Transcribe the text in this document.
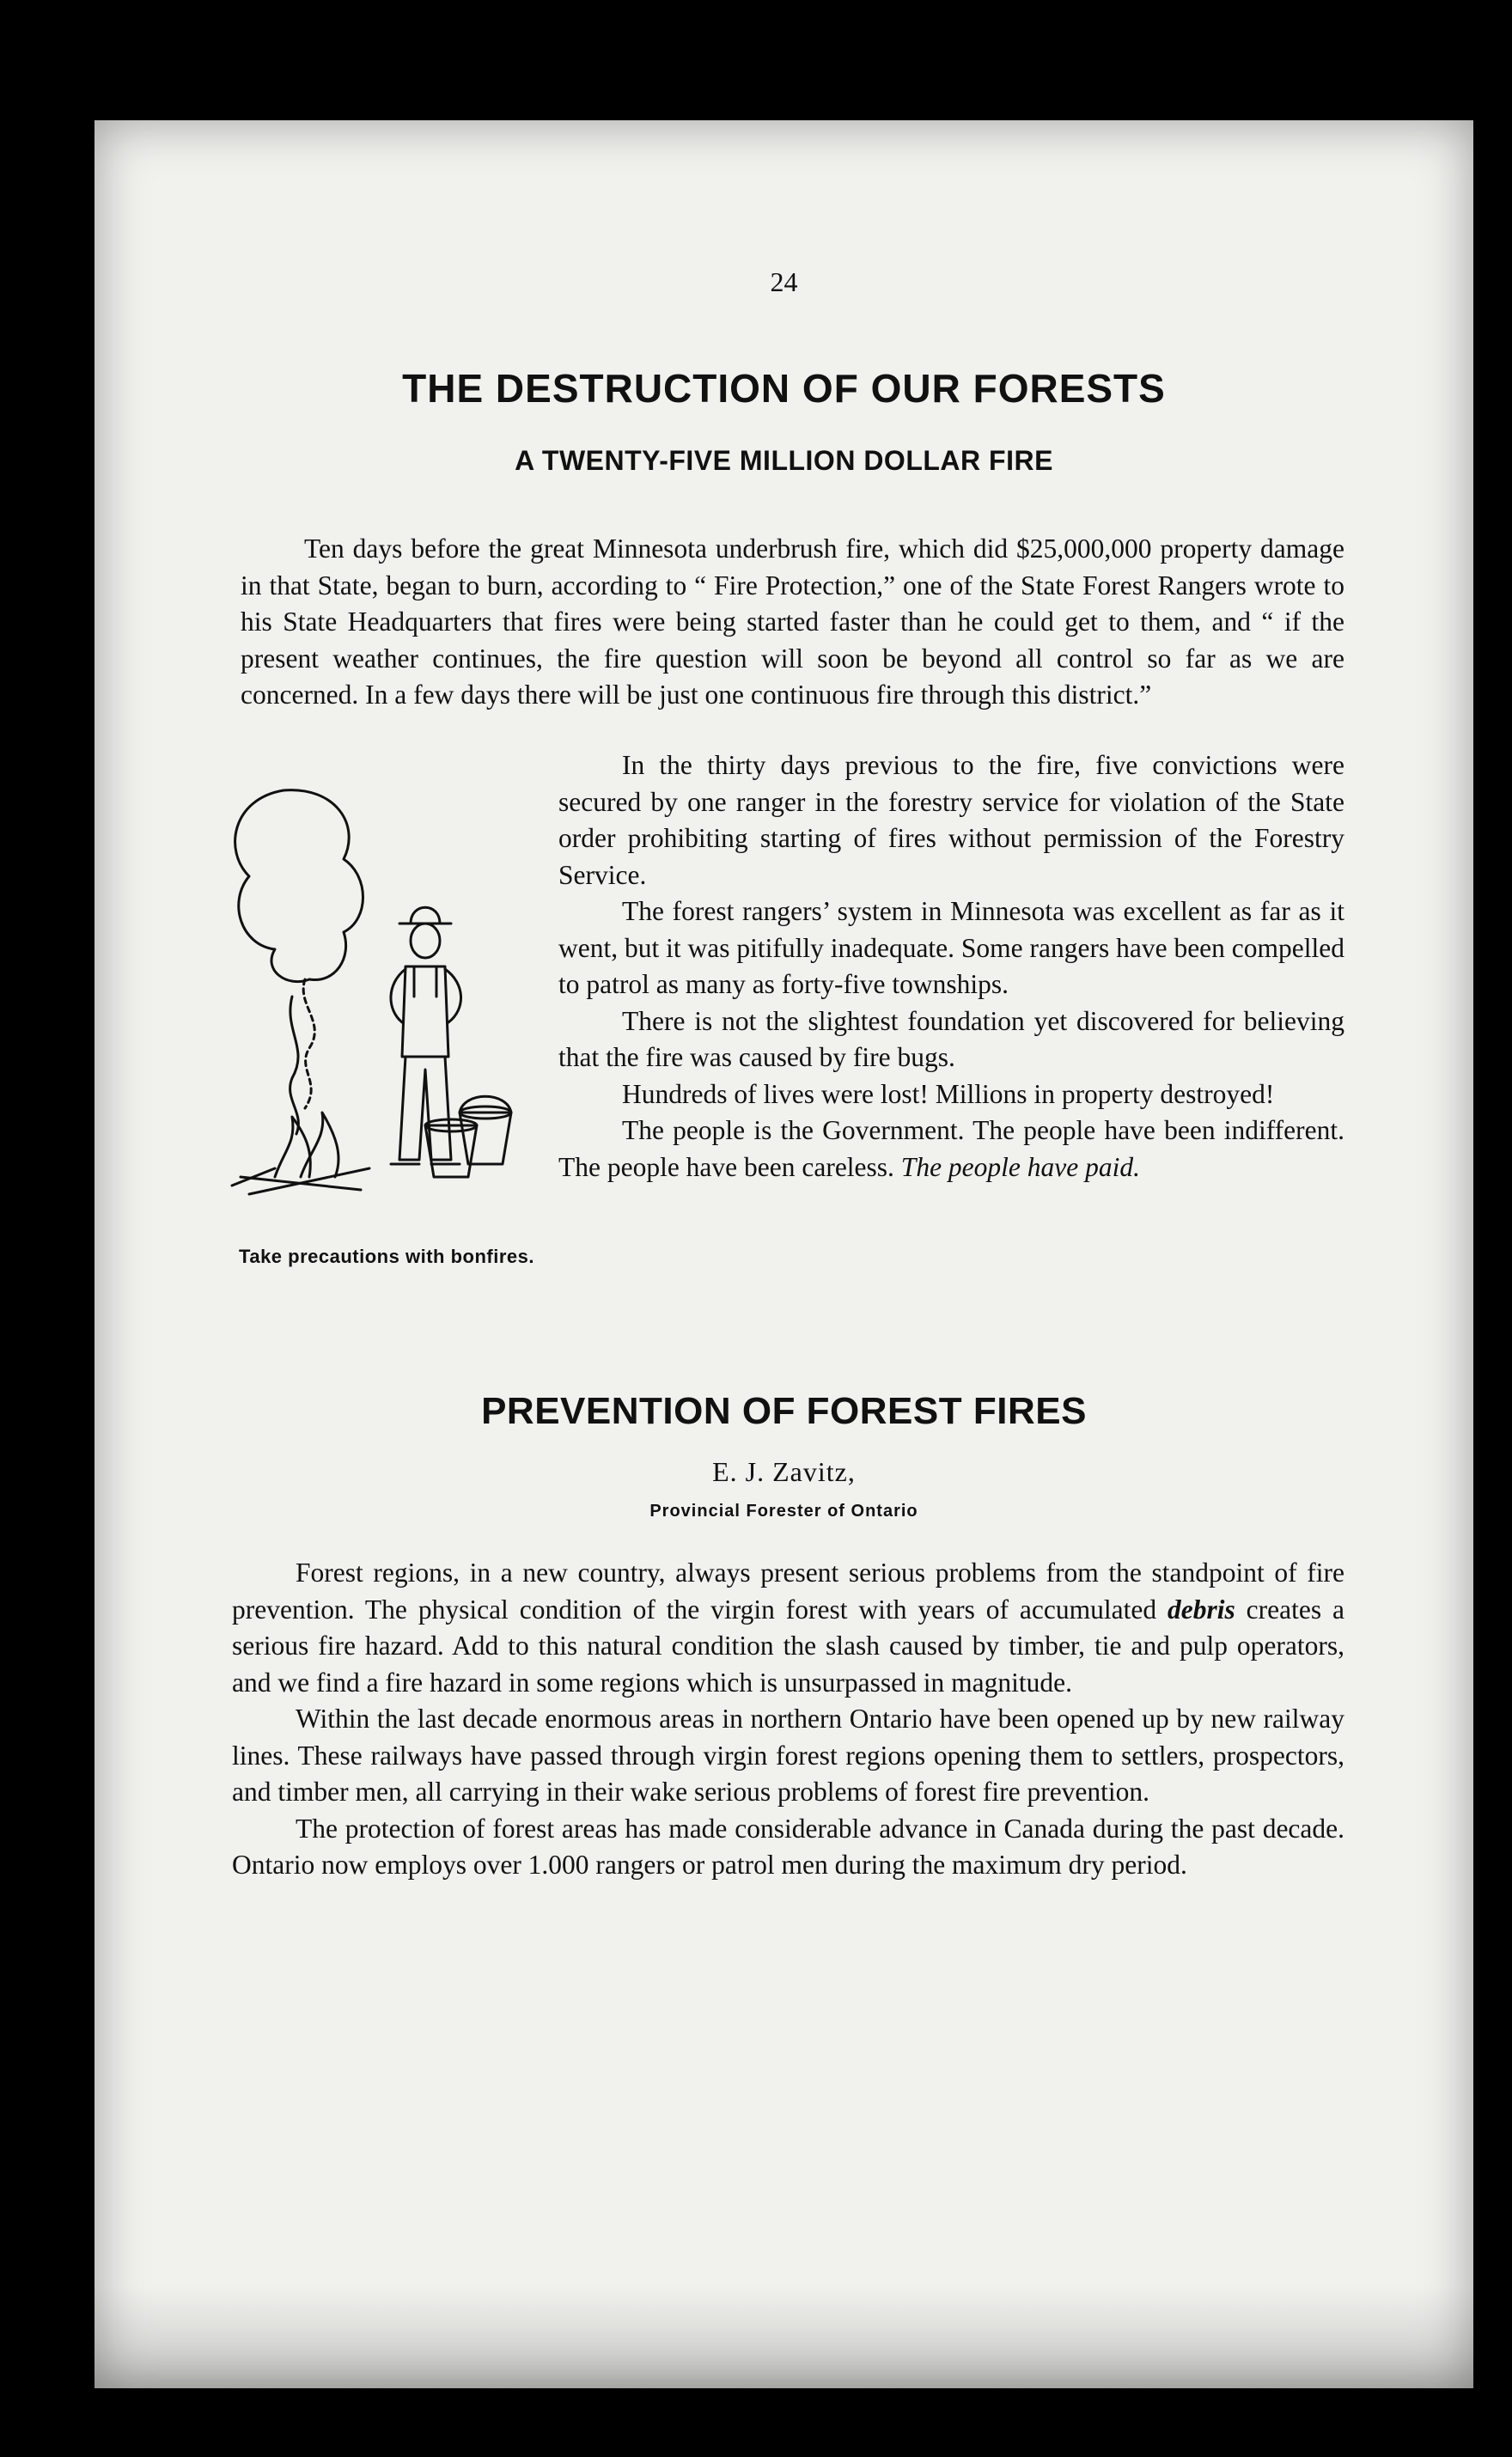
24
THE DESTRUCTION OF OUR FORESTS
A TWENTY-FIVE MILLION DOLLAR FIRE

Ten days before the great Minnesota underbrush fire, which did $25,000,000 property damage in that State, began to burn, according to “ Fire Protection,” one of the State Forest Rangers wrote to his State Headquarters that fires were being started faster than he could get to them, and “ if the present weather continues, the fire question will soon be beyond all control so far as we are concerned. In a few days there will be just one continuous fire through this district.”

Take precautions with bonfires.

In the thirty days previous to the fire, five convictions were secured by one ranger in the forestry service for violation of the State order prohibiting starting of fires without permission of the Forestry Service.

The forest rangers’ system in Minnesota was excellent as far as it went, but it was pitifully inadequate. Some rangers have been compelled to patrol as many as forty-five townships.

There is not the slightest foundation yet discovered for believing that the fire was caused by fire bugs.

Hundreds of lives were lost! Millions in property destroyed!

The people is the Government. The people have been indifferent. The people have been careless. The people have paid.

PREVENTION OF FOREST FIRES
E. J. Zavitz,
Provincial Forester of Ontario

Forest regions, in a new country, always present serious problems from the standpoint of fire prevention. The physical condition of the virgin forest with years of accumulated debris creates a serious fire hazard. Add to this natural condition the slash caused by timber, tie and pulp operators, and we find a fire hazard in some regions which is unsurpassed in magnitude.

Within the last decade enormous areas in northern Ontario have been opened up by new railway lines. These railways have passed through virgin forest regions opening them to settlers, prospectors, and timber men, all carrying in their wake serious problems of forest fire prevention.

The protection of forest areas has made considerable advance in Canada during the past decade. Ontario now employs over 1.000 rangers or patrol men during the maximum dry period.
